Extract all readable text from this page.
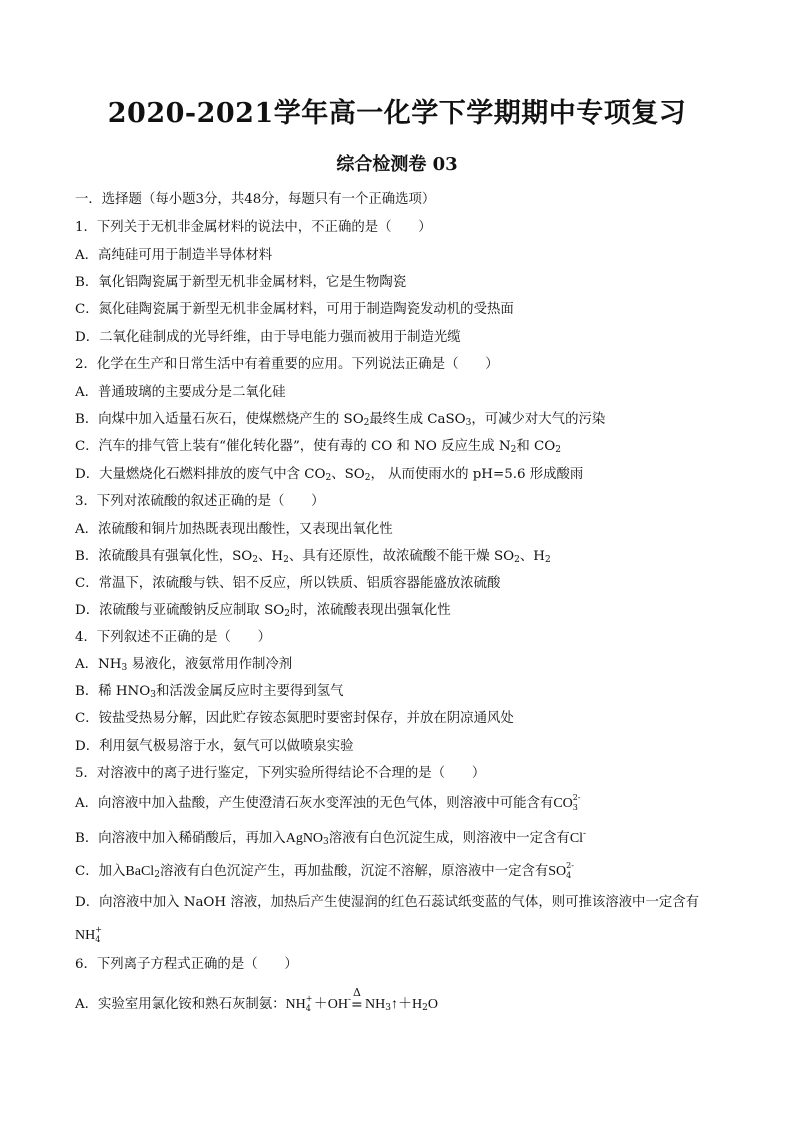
2020-2021学年高一化学下学期期中专项复习
综合检测卷 03
一．选择题（每小题3分，共48分，每题只有一个正确选项）
1．下列关于无机非金属材料的说法中，不正确的是（　　）
A．高纯硅可用于制造半导体材料
B．氧化铝陶瓷属于新型无机非金属材料，它是生物陶瓷
C．氮化硅陶瓷属于新型无机非金属材料，可用于制造陶瓷发动机的受热面
D．二氧化硅制成的光导纤维，由于导电能力强而被用于制造光缆
2．化学在生产和日常生活中有着重要的应用。下列说法正确是（　　）
A．普通玻璃的主要成分是二氧化硅
B．向煤中加入适量石灰石，使煤燃烧产生的 $SO_2$最终生成 CaSO$_3$，可减少对大气的污染
C．汽车的排气管上装有“催化转化器”，使有毒的 CO 和 NO 反应生成 $N_2$和 $CO_2$
D．大量燃烧化石燃料排放的废气中含 $CO_2$、$SO_2$， 从而使雨水的 pH=5.6 形成酸雨
3．下列对浓硫酸的叙述正确的是（　　）
A．浓硫酸和铜片加热既表现出酸性，又表现出氧化性
B．浓硫酸具有强氧化性，$SO_2$、$H_2$、具有还原性，故浓硫酸不能干燥 $SO_2$、$H_2$
C．常温下，浓硫酸与铁、铝不反应，所以铁质、铝质容器能盛放浓硫酸
D．浓硫酸与亚硫酸钠反应制取 $SO_2$时，浓硫酸表现出强氧化性
4．下列叙述不正确的是（　　）
A．$NH_3$ 易液化，液氨常用作制冷剂
B．稀 $HNO_3$和活泼金属反应时主要得到氢气
C．铵盐受热易分解，因此贮存铵态氮肥时要密封保存，并放在阴凉通风处
D．利用氨气极易溶于水，氨气可以做喷泉实验
5．对溶液中的离子进行鉴定，下列实验所得结论不合理的是（　　）
A．向溶液中加入盐酸，产生使澄清石灰水变浑浊的无色气体，则溶液中可能含有CO 2-
3
B．向溶液中加入稀硝酸后，再加入AgNO$_3$溶液有白色沉淀生成，则溶液中一定含有Cl-
C．加入BaCl$_2$溶液有白色沉淀产生，再加盐酸，沉淀不溶解，原溶液中一定含有SO 2-
4
D．向溶液中加入 NaOH 溶液，加热后产生使湿润的红色石蕊试纸变蓝的气体，则可推该溶液中一定含有
NH +
4
6．下列离子方程式正确的是（　　）
A．实验室用氯化铵和熟石灰制氨：NH +
4 ＋OH-
Δ
= $NH_3↑+H_2O$
